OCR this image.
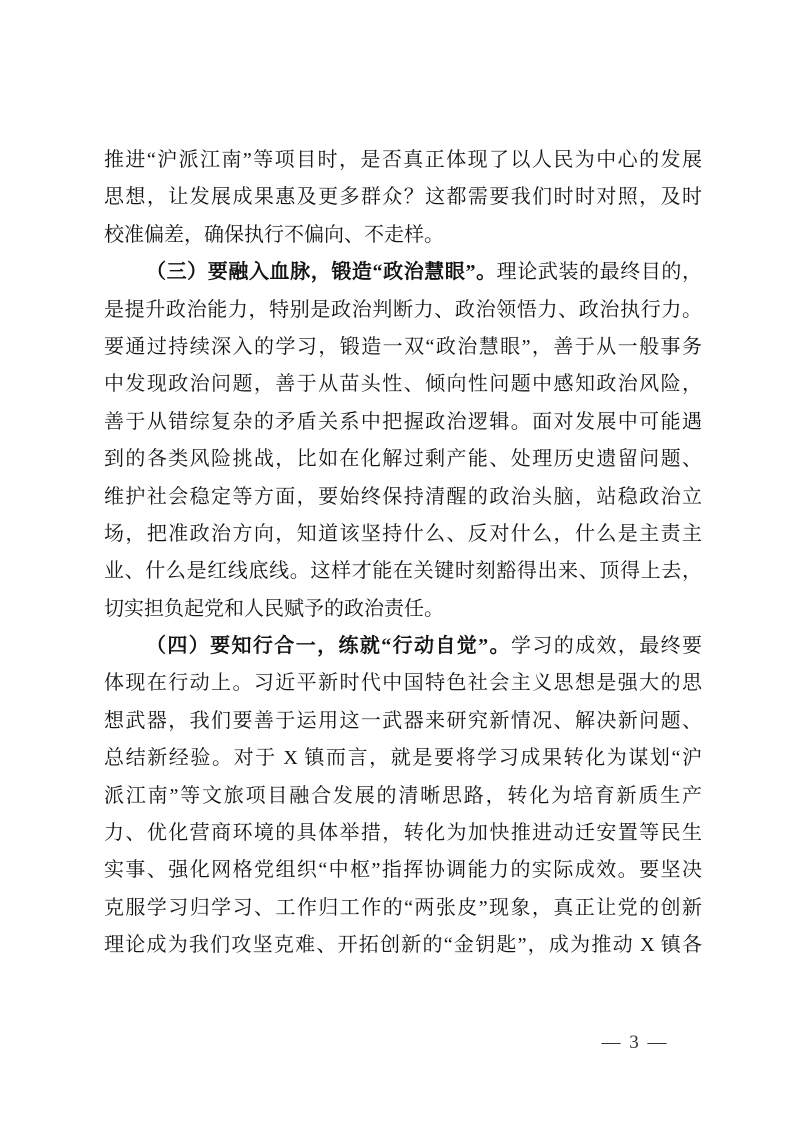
推进“沪派江南”等项目时，是否真正体现了以人民为中心的发展
思想，让发展成果惠及更多群众？这都需要我们时时对照，及时
校准偏差，确保执行不偏向、不走样。
（三）要融入血脉，锻造“政治慧眼”。理论武装的最终目的，
是提升政治能力，特别是政治判断力、政治领悟力、政治执行力。
要通过持续深入的学习，锻造一双“政治慧眼”，善于从一般事务
中发现政治问题，善于从苗头性、倾向性问题中感知政治风险，
善于从错综复杂的矛盾关系中把握政治逻辑。面对发展中可能遇
到的各类风险挑战，比如在化解过剩产能、处理历史遗留问题、
维护社会稳定等方面，要始终保持清醒的政治头脑，站稳政治立
场，把准政治方向，知道该坚持什么、反对什么，什么是主责主
业、什么是红线底线。这样才能在关键时刻豁得出来、顶得上去，
切实担负起党和人民赋予的政治责任。
（四）要知行合一，练就“行动自觉”。学习的成效，最终要
体现在行动上。习近平新时代中国特色社会主义思想是强大的思
想武器，我们要善于运用这一武器来研究新情况、解决新问题、
总结新经验。对于 X 镇而言，就是要将学习成果转化为谋划“沪
派江南”等文旅项目融合发展的清晰思路，转化为培育新质生产
力、优化营商环境的具体举措，转化为加快推进动迁安置等民生
实事、强化网格党组织“中枢”指挥协调能力的实际成效。要坚决
克服学习归学习、工作归工作的“两张皮”现象，真正让党的创新
理论成为我们攻坚克难、开拓创新的“金钥匙”，成为推动 X 镇各
— 3 —
